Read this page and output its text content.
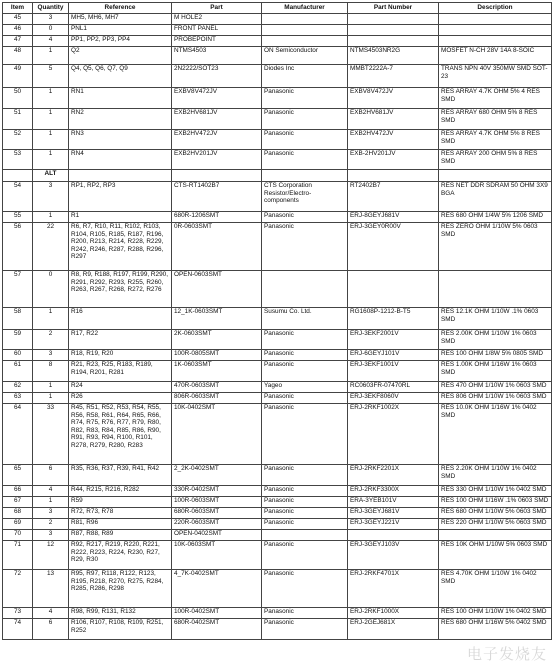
Item	Quantity	Reference	Part	Manufacturer	Part Number	Description
45	3	MH5, MH6, MH7	M HOLE2			
46	0	PNL1	FRONT PANEL			
47	4	PP1, PP2, PP3, PP4	PROBEPOINT			
48	1	Q2	NTMS4503	ON Semiconductor	NTMS4503NR2G	MOSFET N-CH 28V 14A 8-SOIC
49	5	Q4, Q5, Q6, Q7, Q9	2N2222/SOT23	Diodes Inc	MMBT2222A-7	TRANS NPN 40V 350MW SMD SOT-23
50	1	RN1	EXBV8V472JV	Panasonic	EXBV8V472JV	RES ARRAY 4.7K OHM 5% 4 RES SMD
51	1	RN2	EXB2HV681JV	Panasonic	EXB2HV681JV	RES ARRAY 680 OHM 5% 8 RES SMD
52	1	RN3	EXB2HV472JV	Panasonic	EXB2HV472JV	RES ARRAY 4.7K OHM 5% 8 RES SMD
53	1	RN4	EXB2HV201JV	Panasonic	EXB-2HV201JV	RES ARRAY 200 OHM 5% 8 RES SMD
	ALT					
54	3	RP1, RP2, RP3	CTS-RT1402B7	CTS Corporation Resistor/Electro-components	RT2402B7	RES NET DDR SDRAM 50 OHM 3X9 BGA
55	1	R1	680R-1206SMT	Panasonic	ERJ-8GEYJ681V	RES 680 OHM 1/4W 5% 1206 SMD
56	22	R6, R7, R10, R11, R102, R103, R104, R105, R185, R187, R196, R200, R213, R214, R228, R229, R242, R246, R287, R288, R296, R297	0R-0603SMT	Panasonic	ERJ-3GEY0R00V	RES ZERO OHM 1/10W 5% 0603 SMD
57	0	R8, R9, R188, R197, R199, R290, R291, R292, R293, R255, R260, R263, R267, R268, R272, R276	OPEN-0603SMT			
58	1	R16	12_1K-0603SMT	Susumu Co. Ltd.	RG1608P-1212-B-T5	RES 12.1K OHM 1/10W .1% 0603 SMD
59	2	R17, R22	2K-0603SMT	Panasonic	ERJ-3EKF2001V	RES 2.00K OHM 1/10W 1% 0603 SMD
60	3	R18, R19, R20	100R-0805SMT	Panasonic	ERJ-6GEYJ101V	RES 100 OHM 1/8W 5% 0805 SMD
61	8	R21, R23, R25, R183, R189, R194, R201, R281	1K-0603SMT	Panasonic	ERJ-3EKF1001V	RES 1.00K OHM 1/16W 1% 0603 SMD
62	1	R24	470R-0603SMT	Yageo	RC0603FR-07470RL	RES 470 OHM 1/10W 1% 0603 SMD
63	1	R26	806R-0603SMT	Panasonic	ERJ-3EKF8060V	RES 806 OHM 1/10W 1% 0603 SMD
64	33	R45, R51, R52, R53, R54, R55, R56, R58, R61, R64, R65, R66, R74, R75, R76, R77, R79, R80, R82, R83, R84, R85, R86, R90, R91, R93, R94, R100, R101, R278, R279, R280, R283	10K-0402SMT	Panasonic	ERJ-2RKF1002X	RES 10.0K OHM 1/16W 1% 0402 SMD
65	6	R35, R36, R37, R39, R41, R42	2_2K-0402SMT	Panasonic	ERJ-2RKF2201X	RES 2.20K OHM 1/10W 1% 0402 SMD
66	4	R44, R215, R216, R282	330R-0402SMT	Panasonic	ERJ-2RKF3300X	RES 330 OHM 1/10W 1% 0402 SMD
67	1	R59	100R-0603SMT	Panasonic	ERA-3YEB101V	RES 100 OHM 1/16W .1% 0603 SMD
68	3	R72, R73, R78	680R-0603SMT	Panasonic	ERJ-3GEYJ681V	RES 680 OHM 1/10W 5% 0603 SMD
69	2	R81, R96	220R-0603SMT	Panasonic	ERJ-3GEYJ221V	RES 220 OHM 1/10W 5% 0603 SMD
70	3	R87, R88, R89	OPEN-0402SMT			
71	12	R92, R217, R219, R220, R221, R222, R223, R224, R230, R27, R29, R30	10K-0603SMT	Panasonic	ERJ-3GEYJ103V	RES 10K OHM 1/10W 5% 0603 SMD
72	13	R95, R97, R118, R122, R123, R195, R218, R270, R275, R284, R285, R286, R298	4_7K-0402SMT	Panasonic	ERJ-2RKF4701X	RES 4.70K OHM 1/10W 1% 0402 SMD
73	4	R98, R99, R131, R132	100R-0402SMT	Panasonic	ERJ-2RKF1000X	RES 100 OHM 1/10W 1% 0402 SMD
74	6	R106, R107, R108, R109, R251, R252	680R-0402SMT	Panasonic	ERJ-2GEJ681X	RES 680 OHM 1/16W 5% 0402 SMD
电子发烧友
